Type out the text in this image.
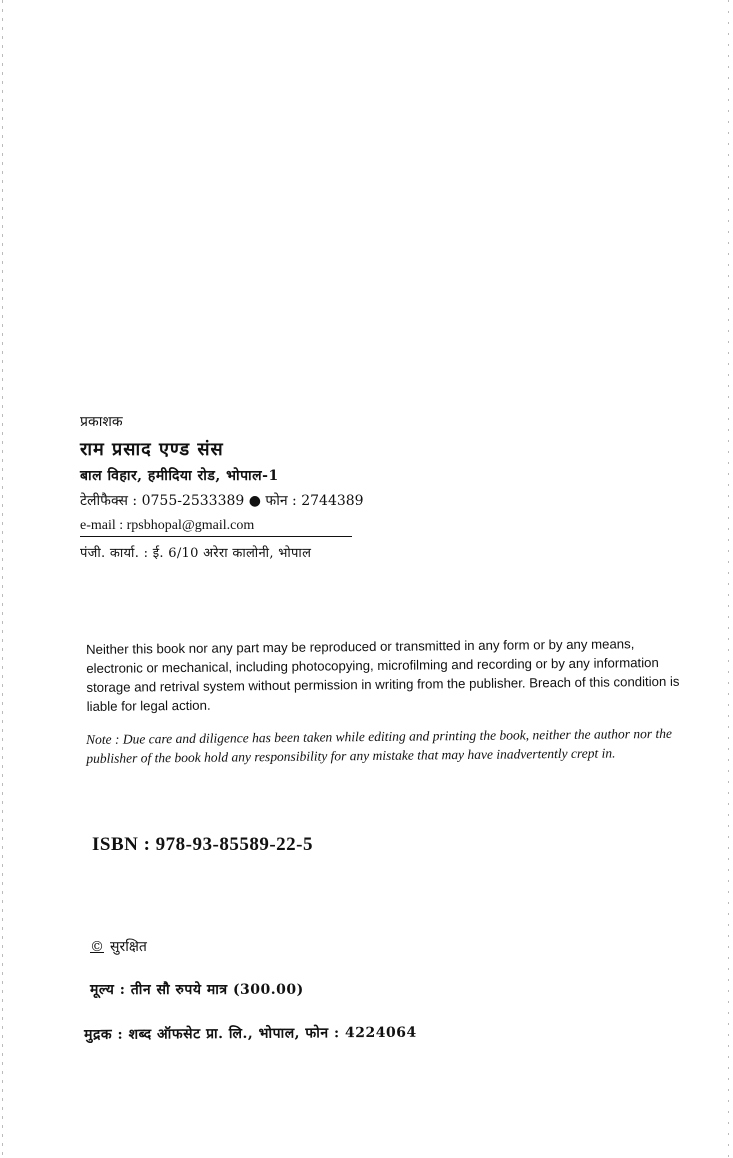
प्रकाशक
राम प्रसाद एण्ड संस
बाल विहार, हमीदिया रोड, भोपाल-1
टेलीफैक्स : 0755-2533389 ● फोन : 2744389
e-mail : rpsbhopal@gmail.com
पंजी. कार्या. : ई. 6/10 अरेरा कालोनी, भोपाल
Neither this book nor any part may be reproduced or transmitted in any form or by any means, electronic or mechanical, including photocopying, microfilming and recording or by any information storage and retrival system without permission in writing from the publisher. Breach of this condition is liable for legal action.
Note : Due care and diligence has been taken while editing and printing the book, neither the author nor the publisher of the book hold any responsibility for any mistake that may have inadvertently crept in.
ISBN : 978-93-85589-22-5
© सुरक्षित
मूल्य : तीन सौ रुपये मात्र (300.00)
मुद्रक : शब्द ऑफसेट प्रा. लि., भोपाल, फोन : 4224064
